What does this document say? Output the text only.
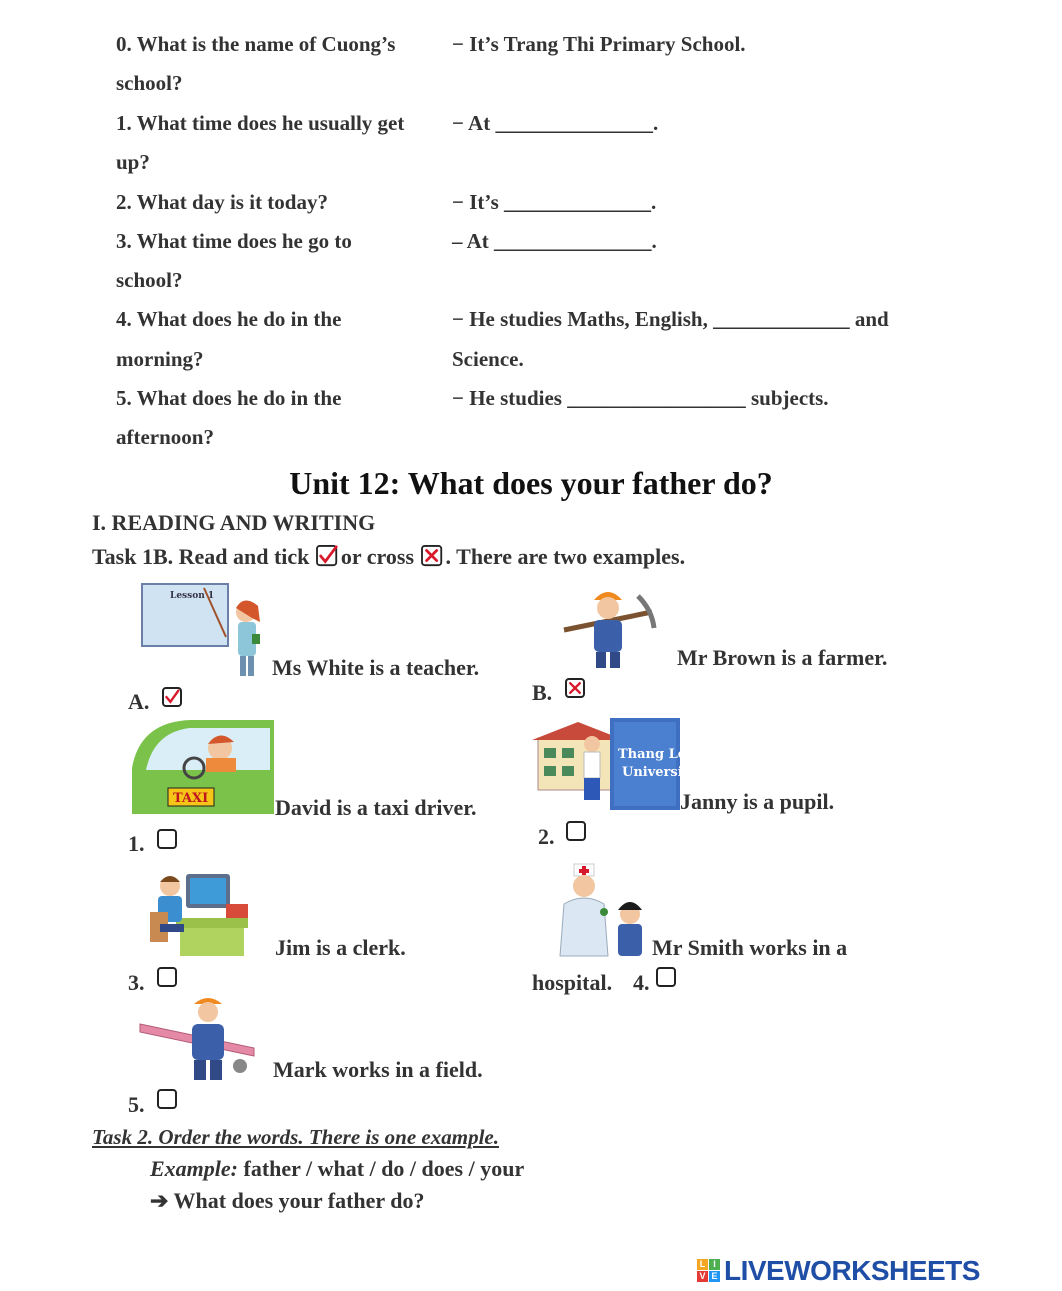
0. What is the name of Cuong’s
school?
− It’s Trang Thi Primary School.
1. What time does he usually get
up?
− At _______________.
2. What day is it today?	− It’s ______________.
3. What time does he go to
school?
– At _______________.
4. What does he do in the
morning?
− He studies Maths, English, _____________ and
Science.
5. What does he do in the
afternoon?
− He studies _________________ subjects.
Unit 12: What does your father do?
I. READING AND WRITING
Task 1B. Read and tick or cross . There are two examples.
Lesson 1
Ms White is a teacher.
A.
Mr Brown is a farmer.
B.
TAXI	David is a taxi driver.
1.
Thang Long
University
Janny is a pupil.
2.
Jim is a clerk.
3.
Mr Smith works in a
hospital. 4.
Mark works in a field.
5.
Task 2. Order the words. There is one example.
Example: father / what / do / does / your
➔ What does your father do?
L I
V E LIVEWORKSHEETS
